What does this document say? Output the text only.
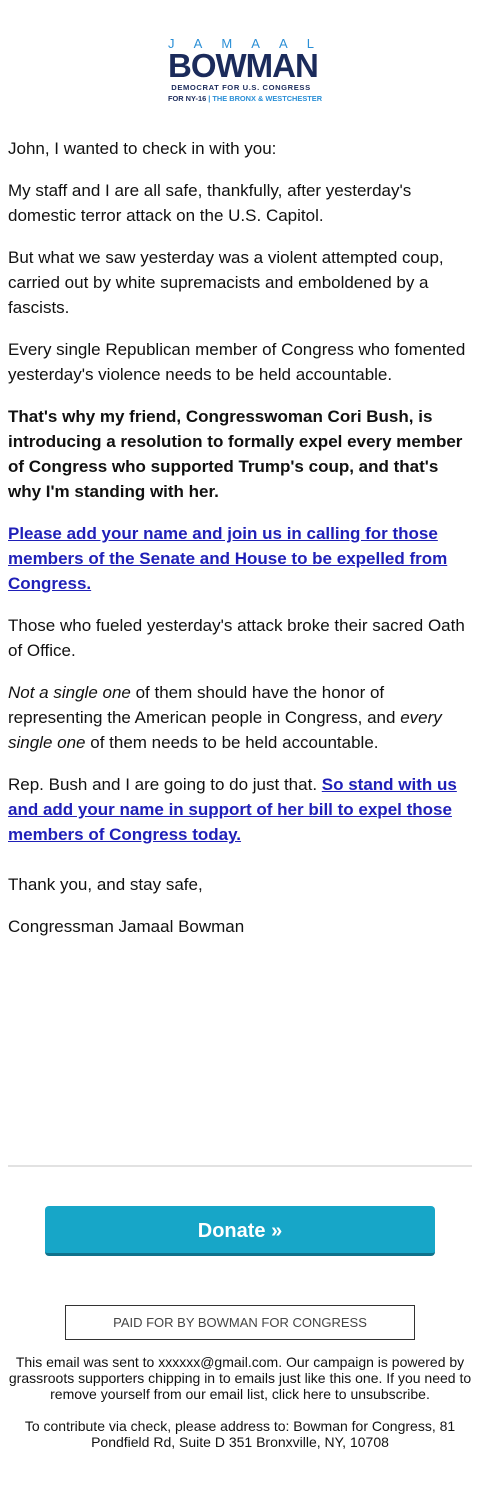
J A M A A L
BOWMAN
DEMOCRAT FOR U.S. CONGRESS
FOR NY-16 | THE BRONX & WESTCHESTER

John, I wanted to check in with you:

My staff and I are all safe, thankfully, after yesterday's domestic terror attack on the U.S. Capitol.

But what we saw yesterday was a violent attempted coup, carried out by white supremacists and emboldened by a fascists.

Every single Republican member of Congress who fomented yesterday's violence needs to be held accountable.

That's why my friend, Congresswoman Cori Bush, is introducing a resolution to formally expel every member of Congress who supported Trump's coup, and that's why I'm standing with her.

Please add your name and join us in calling for those members of the Senate and House to be expelled from Congress.

Those who fueled yesterday's attack broke their sacred Oath of Office.

Not a single one of them should have the honor of representing the American people in Congress, and every single one of them needs to be held accountable.

Rep. Bush and I are going to do just that. So stand with us and add your name in support of her bill to expel those members of Congress today.

Thank you, and stay safe,

Congressman Jamaal Bowman

Donate »
PAID FOR BY BOWMAN FOR CONGRESS

This email was sent to xxxxxx@gmail.com. Our campaign is powered by grassroots supporters chipping in to emails just like this one. If you need to remove yourself from our email list, click here to unsubscribe.

To contribute via check, please address to: Bowman for Congress, 81 Pondfield Rd, Suite D 351 Bronxville, NY, 10708
